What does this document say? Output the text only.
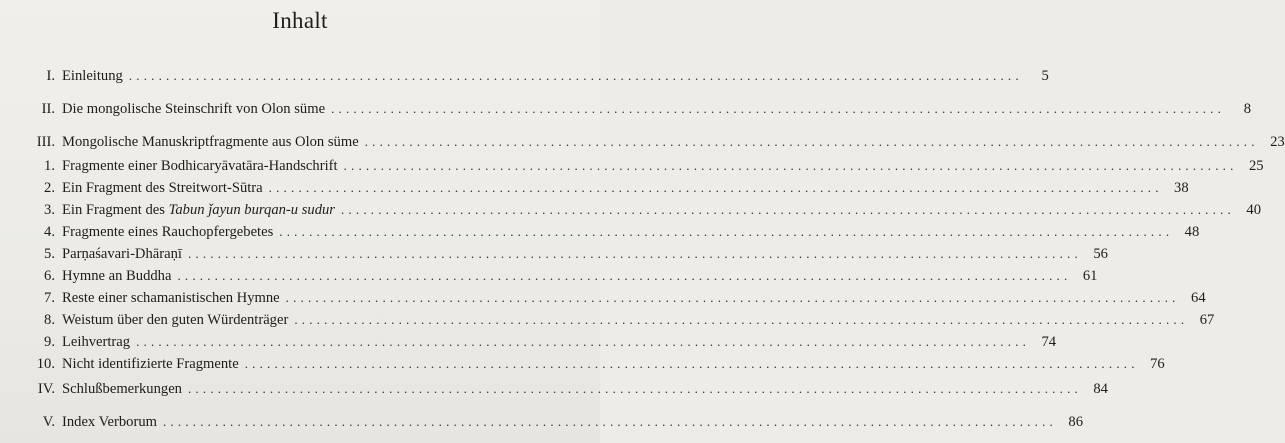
Inhalt
I. Einleitung ........................................................................................................................	5
II. Die mongolische Steinschrift von Olon süme ........................................................................................................................	8
III. Mongolische Manuskriptfragmente aus Olon süme ........................................................................................................................ 23
1. Fragmente einer Bodhicaryāvatāra-Handschrift ........................................................................................................................ 25
2. Ein Fragment des Streitwort-Sūtra ........................................................................................................................ 38
3. Ein Fragment des Tabun ǰayun burqan-u sudur ........................................................................................................................ 40
4. Fragmente eines Rauchopfergebetes ........................................................................................................................ 48
5. Parṇaśavari-Dhāraṇī ........................................................................................................................ 56
6. Hymne an Buddha ........................................................................................................................ 61
7. Reste einer schamanistischen Hymne ........................................................................................................................ 64
8. Weistum über den guten Würdenträger ........................................................................................................................ 67
9. Leihvertrag ........................................................................................................................ 74
10. Nicht identifizierte Fragmente ........................................................................................................................ 76
IV. Schlußbemerkungen ........................................................................................................................ 84
V. Index Verborum ........................................................................................................................ 86
